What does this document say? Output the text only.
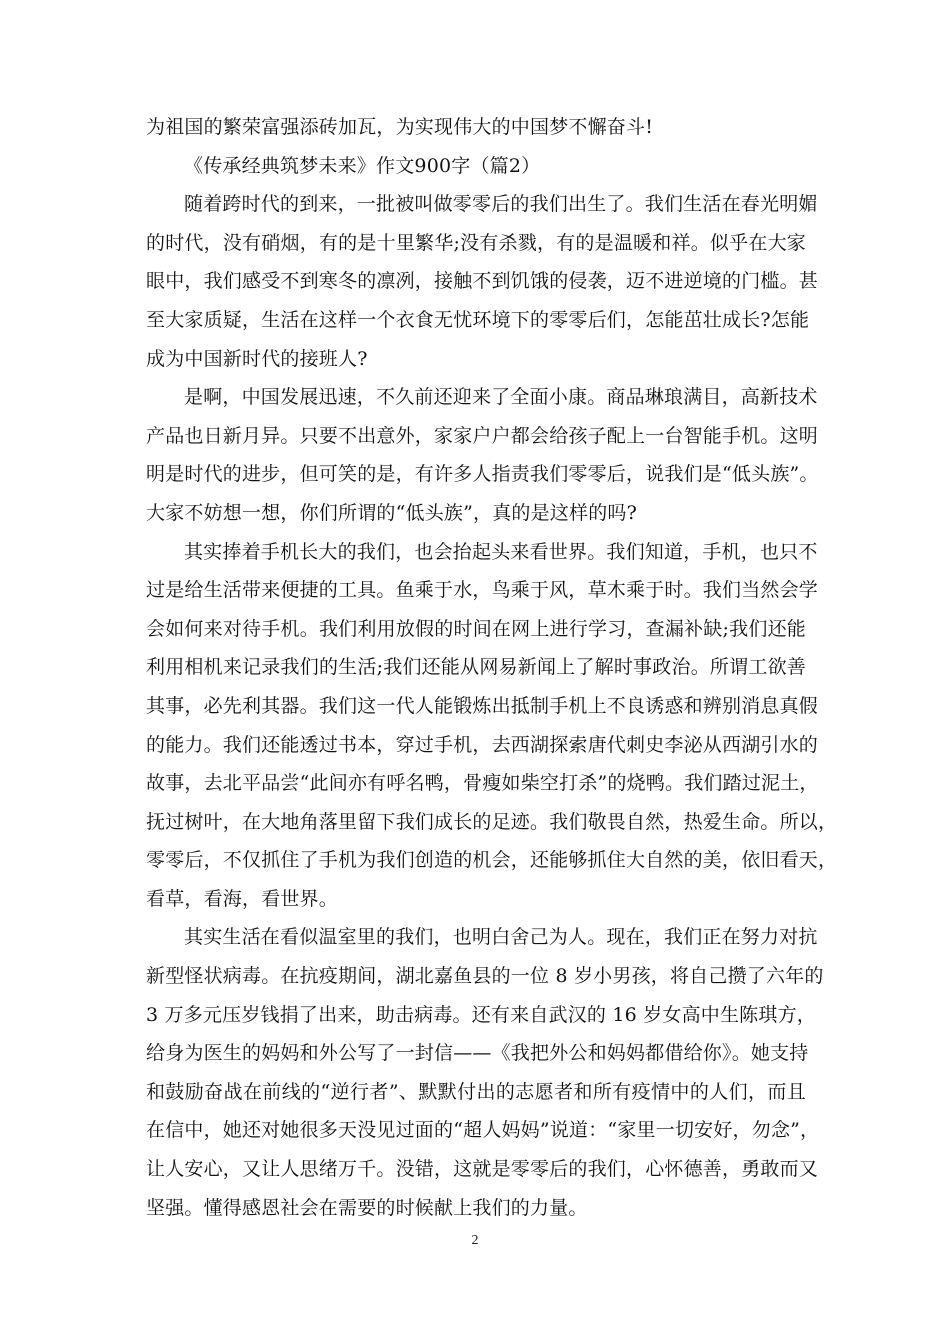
为祖国的繁荣富强添砖加瓦，为实现伟大的中国梦不懈奋斗!
《传承经典筑梦未来》作文900字（篇2）
随着跨时代的到来，一批被叫做零零后的我们出生了。我们生活在春光明媚
的时代，没有硝烟，有的是十里繁华;没有杀戮，有的是温暖和祥。似乎在大家
眼中，我们感受不到寒冬的凛冽，接触不到饥饿的侵袭，迈不进逆境的门槛。甚
至大家质疑，生活在这样一个衣食无忧环境下的零零后们，怎能茁壮成长?怎能
成为中国新时代的接班人?
是啊，中国发展迅速，不久前还迎来了全面小康。商品琳琅满目，高新技术
产品也日新月异。只要不出意外，家家户户都会给孩子配上一台智能手机。这明
明是时代的进步，但可笑的是，有许多人指责我们零零后，说我们是“低头族”。
大家不妨想一想，你们所谓的“低头族”，真的是这样的吗?
其实捧着手机长大的我们，也会抬起头来看世界。我们知道，手机，也只不
过是给生活带来便捷的工具。鱼乘于水，鸟乘于风，草木乘于时。我们当然会学
会如何来对待手机。我们利用放假的时间在网上进行学习，查漏补缺;我们还能
利用相机来记录我们的生活;我们还能从网易新闻上了解时事政治。所谓工欲善
其事，必先利其器。我们这一代人能锻炼出抵制手机上不良诱惑和辨别消息真假
的能力。我们还能透过书本，穿过手机，去西湖探索唐代刺史李泌从西湖引水的
故事，去北平品尝“此间亦有呼名鸭，骨瘦如柴空打杀”的烧鸭。我们踏过泥土，
抚过树叶，在大地角落里留下我们成长的足迹。我们敬畏自然，热爱生命。所以，
零零后，不仅抓住了手机为我们创造的机会，还能够抓住大自然的美，依旧看天，
看草，看海，看世界。
其实生活在看似温室里的我们，也明白舍己为人。现在，我们正在努力对抗
新型怪状病毒。在抗疫期间，湖北嘉鱼县的一位 8 岁小男孩，将自己攒了六年的
3 万多元压岁钱捐了出来，助击病毒。还有来自武汉的 16 岁女高中生陈琪方，
给身为医生的妈妈和外公写了一封信——《我把外公和妈妈都借给你》。她支持
和鼓励奋战在前线的“逆行者”、默默付出的志愿者和所有疫情中的人们，而且
在信中，她还对她很多天没见过面的“超人妈妈”说道：“家里一切安好，勿念”，
让人安心，又让人思绪万千。没错，这就是零零后的我们，心怀德善，勇敢而又
坚强。懂得感恩社会在需要的时候献上我们的力量。
2
